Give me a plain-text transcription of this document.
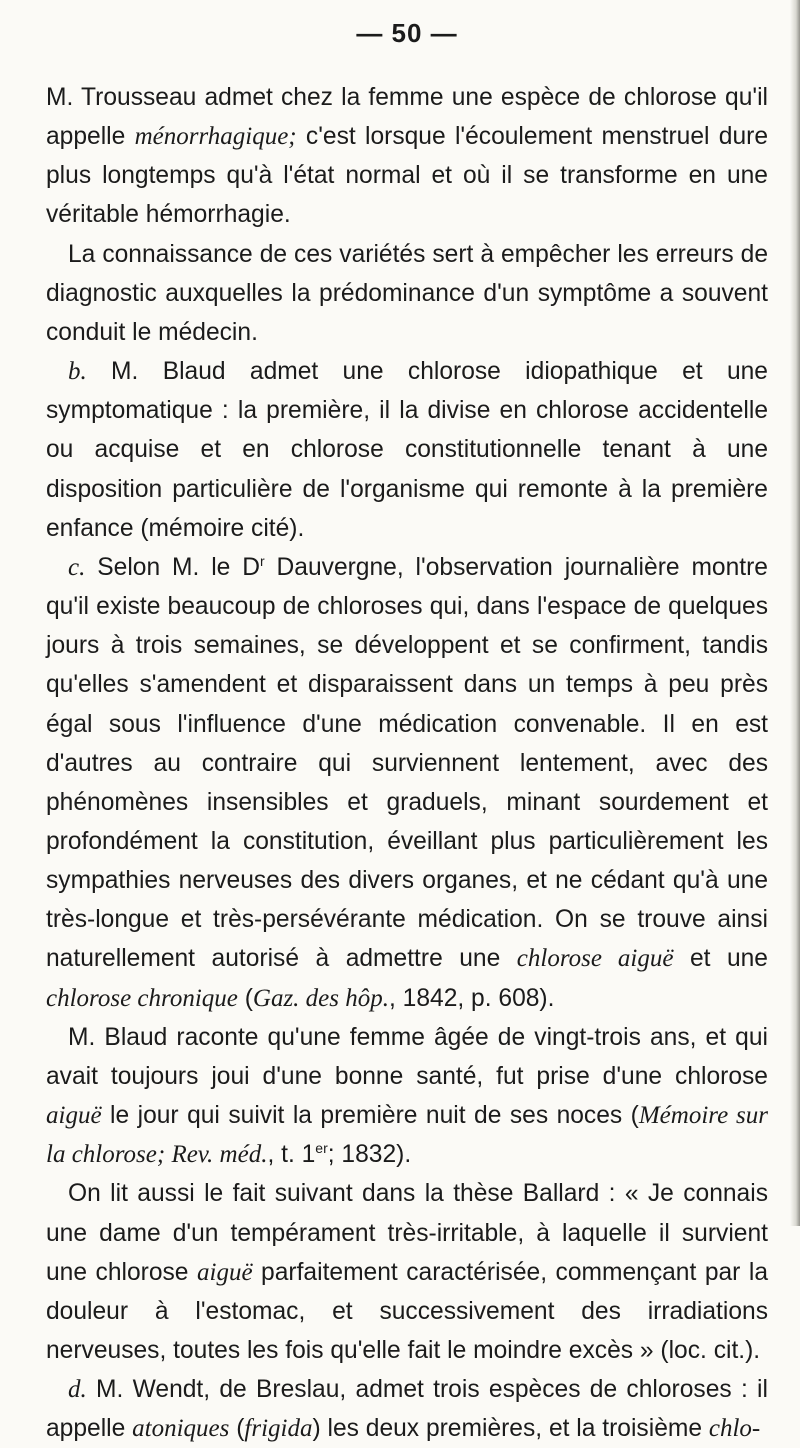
— 50 —

M. Trousseau admet chez la femme une espèce de chlorose qu'il appelle ménorrhagique; c'est lorsque l'écoulement menstruel dure plus longtemps qu'à l'état normal et où il se transforme en une véritable hémorrhagie.

La connaissance de ces variétés sert à empêcher les erreurs de diagnostic auxquelles la prédominance d'un symptôme a souvent conduit le médecin.

b. M. Blaud admet une chlorose idiopathique et une symptomatique : la première, il la divise en chlorose accidentelle ou acquise et en chlorose constitutionnelle tenant à une disposition particulière de l'organisme qui remonte à la première enfance (mémoire cité).

c. Selon M. le $D^r$ Dauvergne, l'observation journalière montre qu'il existe beaucoup de chloroses qui, dans l'espace de quelques jours à trois semaines, se développent et se confirment, tandis qu'elles s'amendent et disparaissent dans un temps à peu près égal sous l'influence d'une médication convenable. Il en est d'autres au contraire qui surviennent lentement, avec des phénomènes insensibles et graduels, minant sourdement et profondément la constitution, éveillant plus particulièrement les sympathies nerveuses des divers organes, et ne cédant qu'à une très-longue et très-persévérante médication. On se trouve ainsi naturellement autorisé à admettre une chlorose aiguë et une chlorose chronique (Gaz. des hôp., 1842, p. 608).

M. Blaud raconte qu'une femme âgée de vingt-trois ans, et qui avait toujours joui d'une bonne santé, fut prise d'une chlorose aiguë le jour qui suivit la première nuit de ses noces (Mémoire sur la chlorose; Rev. méd., t. 1er; 1832).

On lit aussi le fait suivant dans la thèse Ballard : « Je connais une dame d'un tempérament très-irritable, à laquelle il survient une chlorose aiguë parfaitement caractérisée, commençant par la douleur à l'estomac, et successivement des irradiations nerveuses, toutes les fois qu'elle fait le moindre excès » (loc. cit.).

d. M. Wendt, de Breslau, admet trois espèces de chloroses : il appelle atoniques (frigida) les deux premières, et la troisième chlo-
